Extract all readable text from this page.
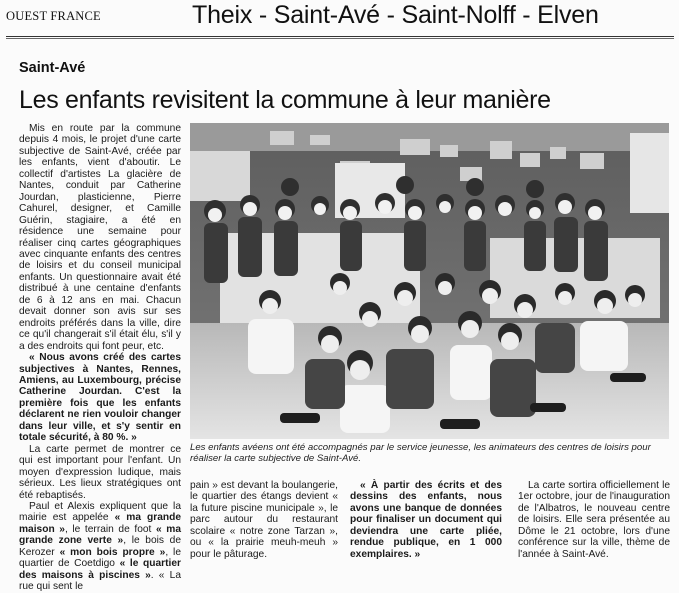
OUEST FRANCE	Theix - Saint-Avé - Saint-Nolff - Elven
Saint-Avé
Les enfants revisitent la commune à leur manière

Mis en route par la commune depuis 4 mois, le projet d'une carte subjective de Saint-Avé, créée par les enfants, vient d'aboutir. Le collectif d'artistes La glacière de Nantes, conduit par Catherine Jourdan, plasticienne, Pierre Cahurel, designer, et Camille Guérin, stagiaire, a été en résidence une semaine pour réaliser cinq cartes géographiques avec cinquante enfants des centres de loisirs et du conseil municipal enfants. Un questionnaire avait été distribué à une centaine d'enfants de 6 à 12 ans en mai. Chacun devait donner son avis sur ses endroits préférés dans la ville, dire ce qu'il changerait s'il était élu, s'il y a des endroits qui font peur, etc.

« Nous avons créé des cartes subjectives à Nantes, Rennes, Amiens, au Luxembourg, précise Catherine Jourdan. C'est la première fois que les enfants déclarent ne rien vouloir changer dans leur ville, et s'y sentir en totale sécurité, à 80 %. »

La carte permet de montrer ce qui est important pour l'enfant. Un moyen d'expression ludique, mais sérieux. Les lieux stratégiques ont été rebaptisés.

Paul et Alexis expliquent que la mairie est appelée « ma grande maison », le terrain de foot « ma grande zone verte », le bois de Kerozer « mon bois propre », le quartier de Coetdigo « le quartier des maisons à piscines ». « La rue qui sent le

Les enfants avéens ont été accompagnés par le service jeunesse, les animateurs des centres de loisirs pour réaliser la carte subjective de Saint-Avé.

pain » est devant la boulangerie, le quartier des étangs devient « la future piscine municipale », le parc autour du restaurant scolaire « notre zone Tarzan », ou « la prairie meuh-meuh » pour le pâturage.

« À partir des écrits et des dessins des enfants, nous avons une banque de données pour finaliser un document qui deviendra une carte pliée, rendue publique, en 1 000 exemplaires. »

La carte sortira officiellement le 1er octobre, jour de l'inauguration de l'Albatros, le nouveau centre de loisirs. Elle sera présentée au Dôme le 21 octobre, lors d'une conférence sur la ville, thème de l'année à Saint-Avé.
